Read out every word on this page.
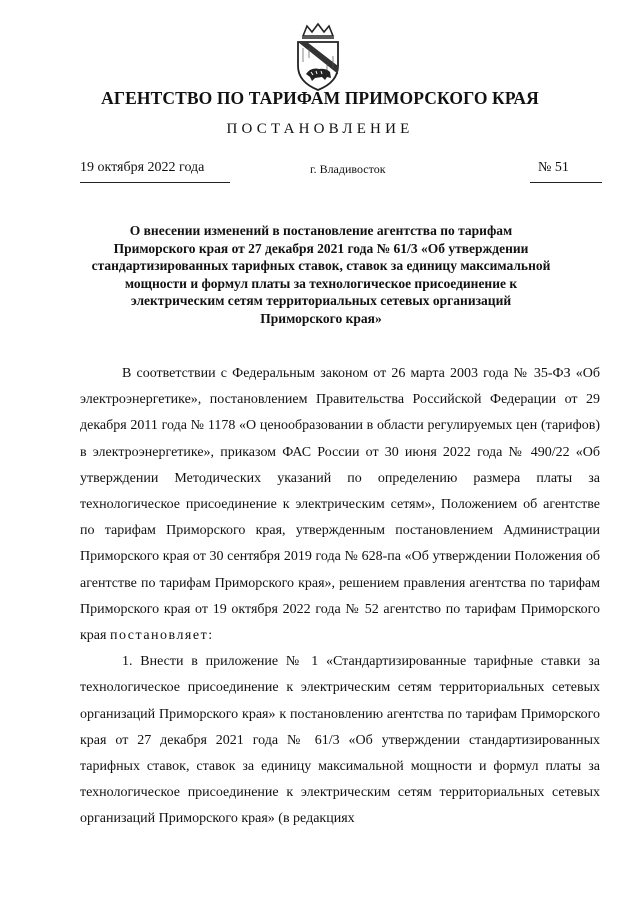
АГЕНТСТВО ПО ТАРИФАМ ПРИМОРСКОГО КРАЯ
ПОСТАНОВЛЕНИЕ
19 октября 2022 года	г. Владивосток	№ 51
О внесении изменений в постановление агентства по тарифам Приморского края от 27 декабря 2021 года № 61/3 «Об утверждении стандартизированных тарифных ставок, ставок за единицу максимальной мощности и формул платы за технологическое присоединение к электрическим сетям территориальных сетевых организаций Приморского края»

В соответствии с Федеральным законом от 26 марта 2003 года № 35-ФЗ «Об электроэнергетике», постановлением Правительства Российской Федерации от 29 декабря 2011 года № 1178 «О ценообразовании в области регулируемых цен (тарифов) в электроэнергетике», приказом ФАС России от 30 июня 2022 года № 490/22 «Об утверждении Методических указаний по определению размера платы за технологическое присоединение к электрическим сетям», Положением об агентстве по тарифам Приморского края, утвержденным постановлением Администрации Приморского края от 30 сентября 2019 года № 628-па «Об утверждении Положения об агентстве по тарифам Приморского края», решением правления агентства по тарифам Приморского края от 19 октября 2022 года № 52 агентство по тарифам Приморского края постановляет:

1. Внести в приложение № 1 «Стандартизированные тарифные ставки за технологическое присоединение к электрическим сетям территориальных сетевых организаций Приморского края» к постановлению агентства по тарифам Приморского края от 27 декабря 2021 года № 61/3 «Об утверждении стандартизированных тарифных ставок, ставок за единицу максимальной мощности и формул платы за технологическое присоединение к электрическим сетям территориальных сетевых организаций Приморского края» (в редакциях
